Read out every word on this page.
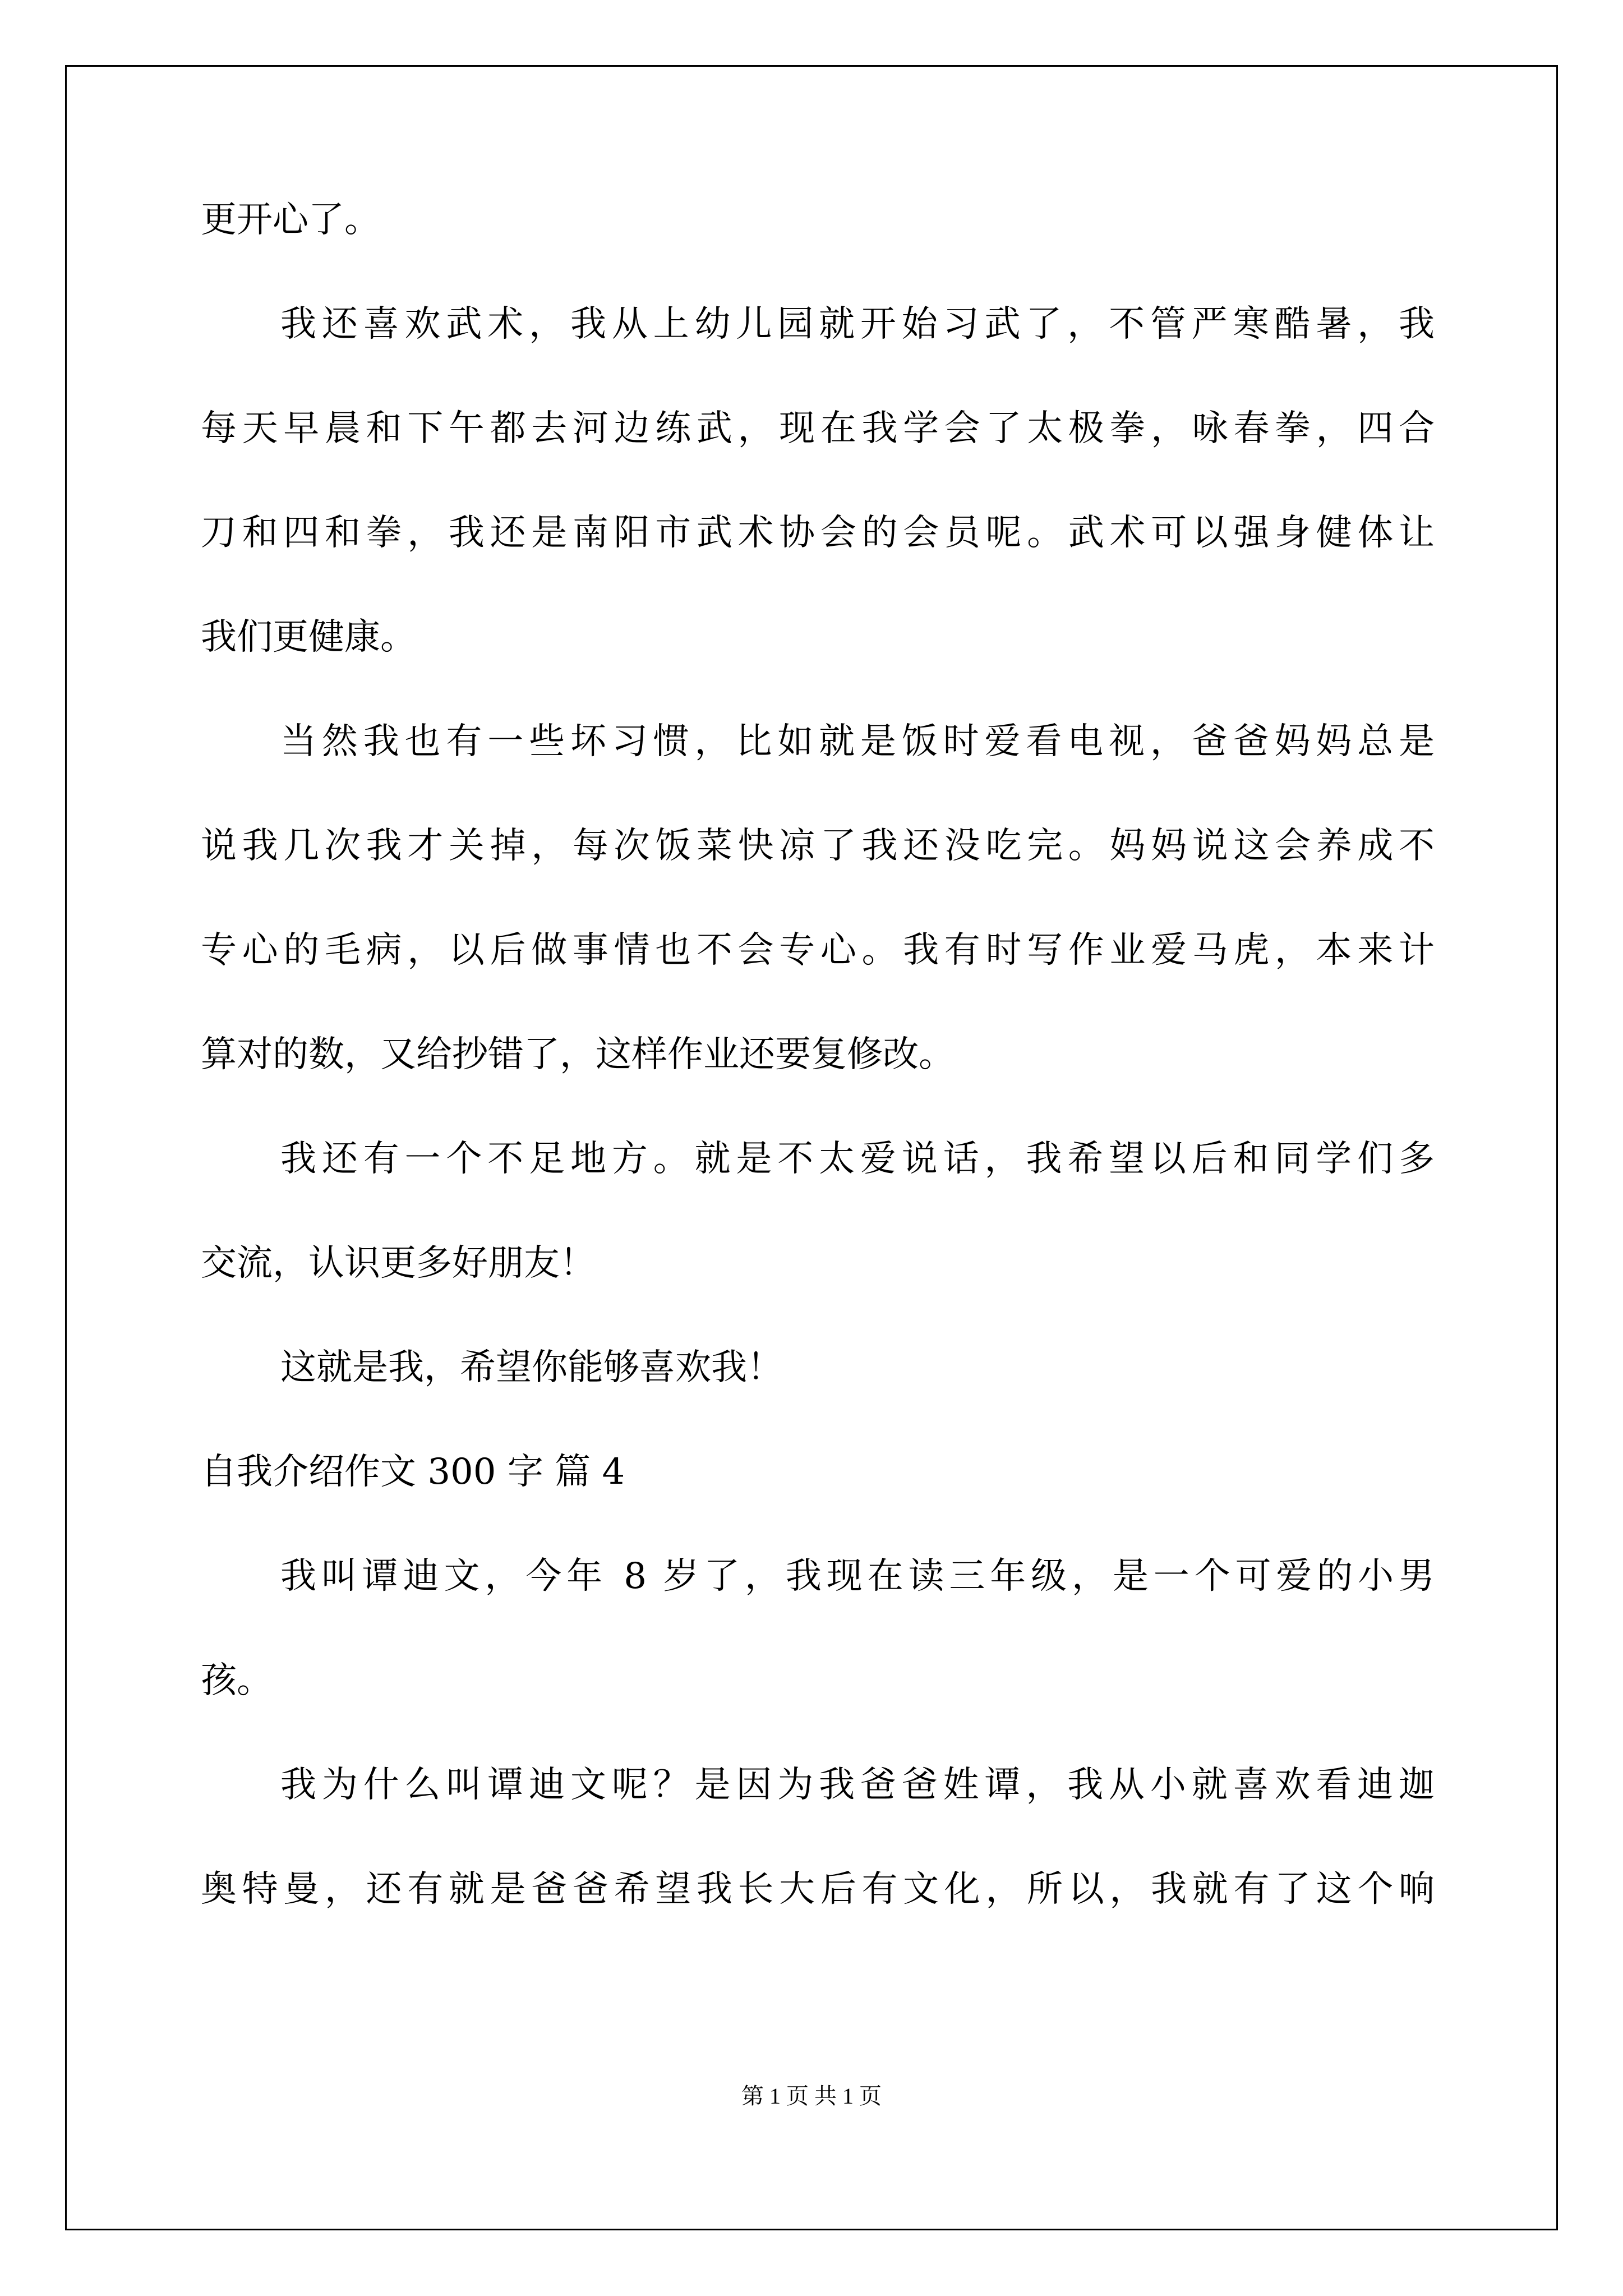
更开心了。
我还喜欢武术，我从上幼儿园就开始习武了，不管严寒酷暑，我
每天早晨和下午都去河边练武，现在我学会了太极拳，咏春拳，四合
刀和四和拳，我还是南阳市武术协会的会员呢。武术可以强身健体让
我们更健康。
当然我也有一些坏习惯，比如就是饭时爱看电视，爸爸妈妈总是
说我几次我才关掉，每次饭菜快凉了我还没吃完。妈妈说这会养成不
专心的毛病，以后做事情也不会专心。我有时写作业爱马虎，本来计
算对的数，又给抄错了，这样作业还要复修改。
我还有一个不足地方。就是不太爱说话，我希望以后和同学们多
交流，认识更多好朋友！
这就是我，希望你能够喜欢我！
自我介绍作文 300 字 篇 4
我叫谭迪文，今年 8 岁了，我现在读三年级，是一个可爱的小男
孩。
我为什么叫谭迪文呢？是因为我爸爸姓谭，我从小就喜欢看迪迦
奥特曼，还有就是爸爸希望我长大后有文化，所以，我就有了这个响
第 1 页 共 1 页
